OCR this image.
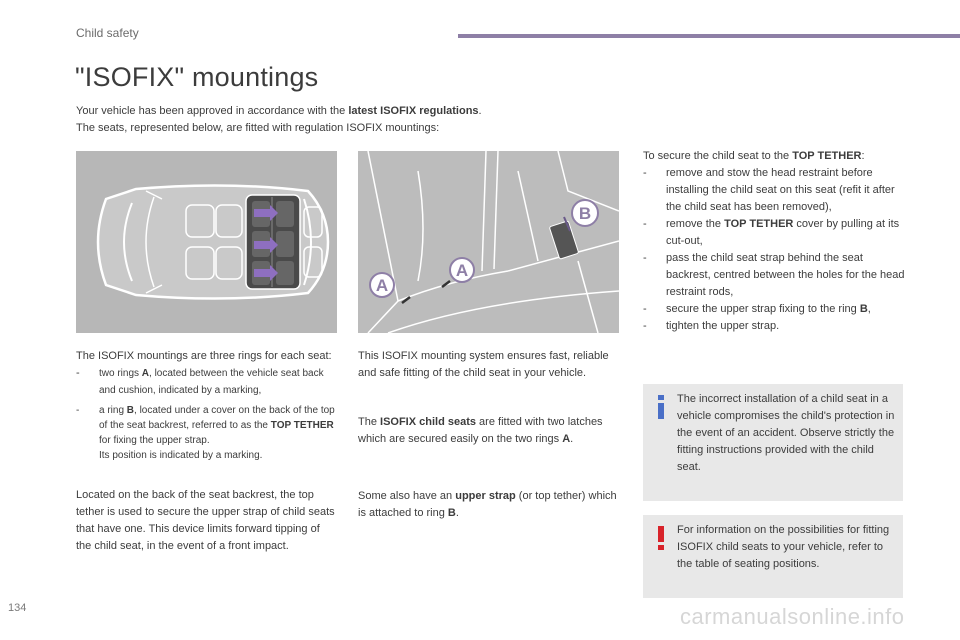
Child safety
"ISOFIX" mountings
Your vehicle has been approved in accordance with the latest ISOFIX regulations.
The seats, represented below, are fitted with regulation ISOFIX mountings:
A
A
B
The ISOFIX mountings are three rings for each seat:
- two rings A, located between the vehicle seat back and cushion, indicated by a marking,
- a ring B, located under a cover on the back of the top of the seat backrest, referred to as the TOP TETHER for fixing the upper strap.
Its position is indicated by a marking.
Located on the back of the seat backrest, the top tether is used to secure the upper strap of child seats that have one. This device limits forward tipping of the child seat, in the event of a front impact.
This ISOFIX mounting system ensures fast, reliable and safe fitting of the child seat in your vehicle.
The ISOFIX child seats are fitted with two latches which are secured easily on the two rings A.
Some also have an upper strap (or top tether) which is attached to ring B.
To secure the child seat to the TOP TETHER:
- remove and stow the head restraint before installing the child seat on this seat (refit it after the child seat has been removed),
- remove the TOP TETHER cover by pulling at its cut-out,
- pass the child seat strap behind the seat backrest, centred between the holes for the head restraint rods,
- secure the upper strap fixing to the ring B,
- tighten the upper strap.
The incorrect installation of a child seat in a vehicle compromises the child's protection in the event of an accident. Observe strictly the fitting instructions provided with the child seat.
For information on the possibilities for fitting ISOFIX child seats to your vehicle, refer to the table of seating positions.
134	carmanualsonline.info
